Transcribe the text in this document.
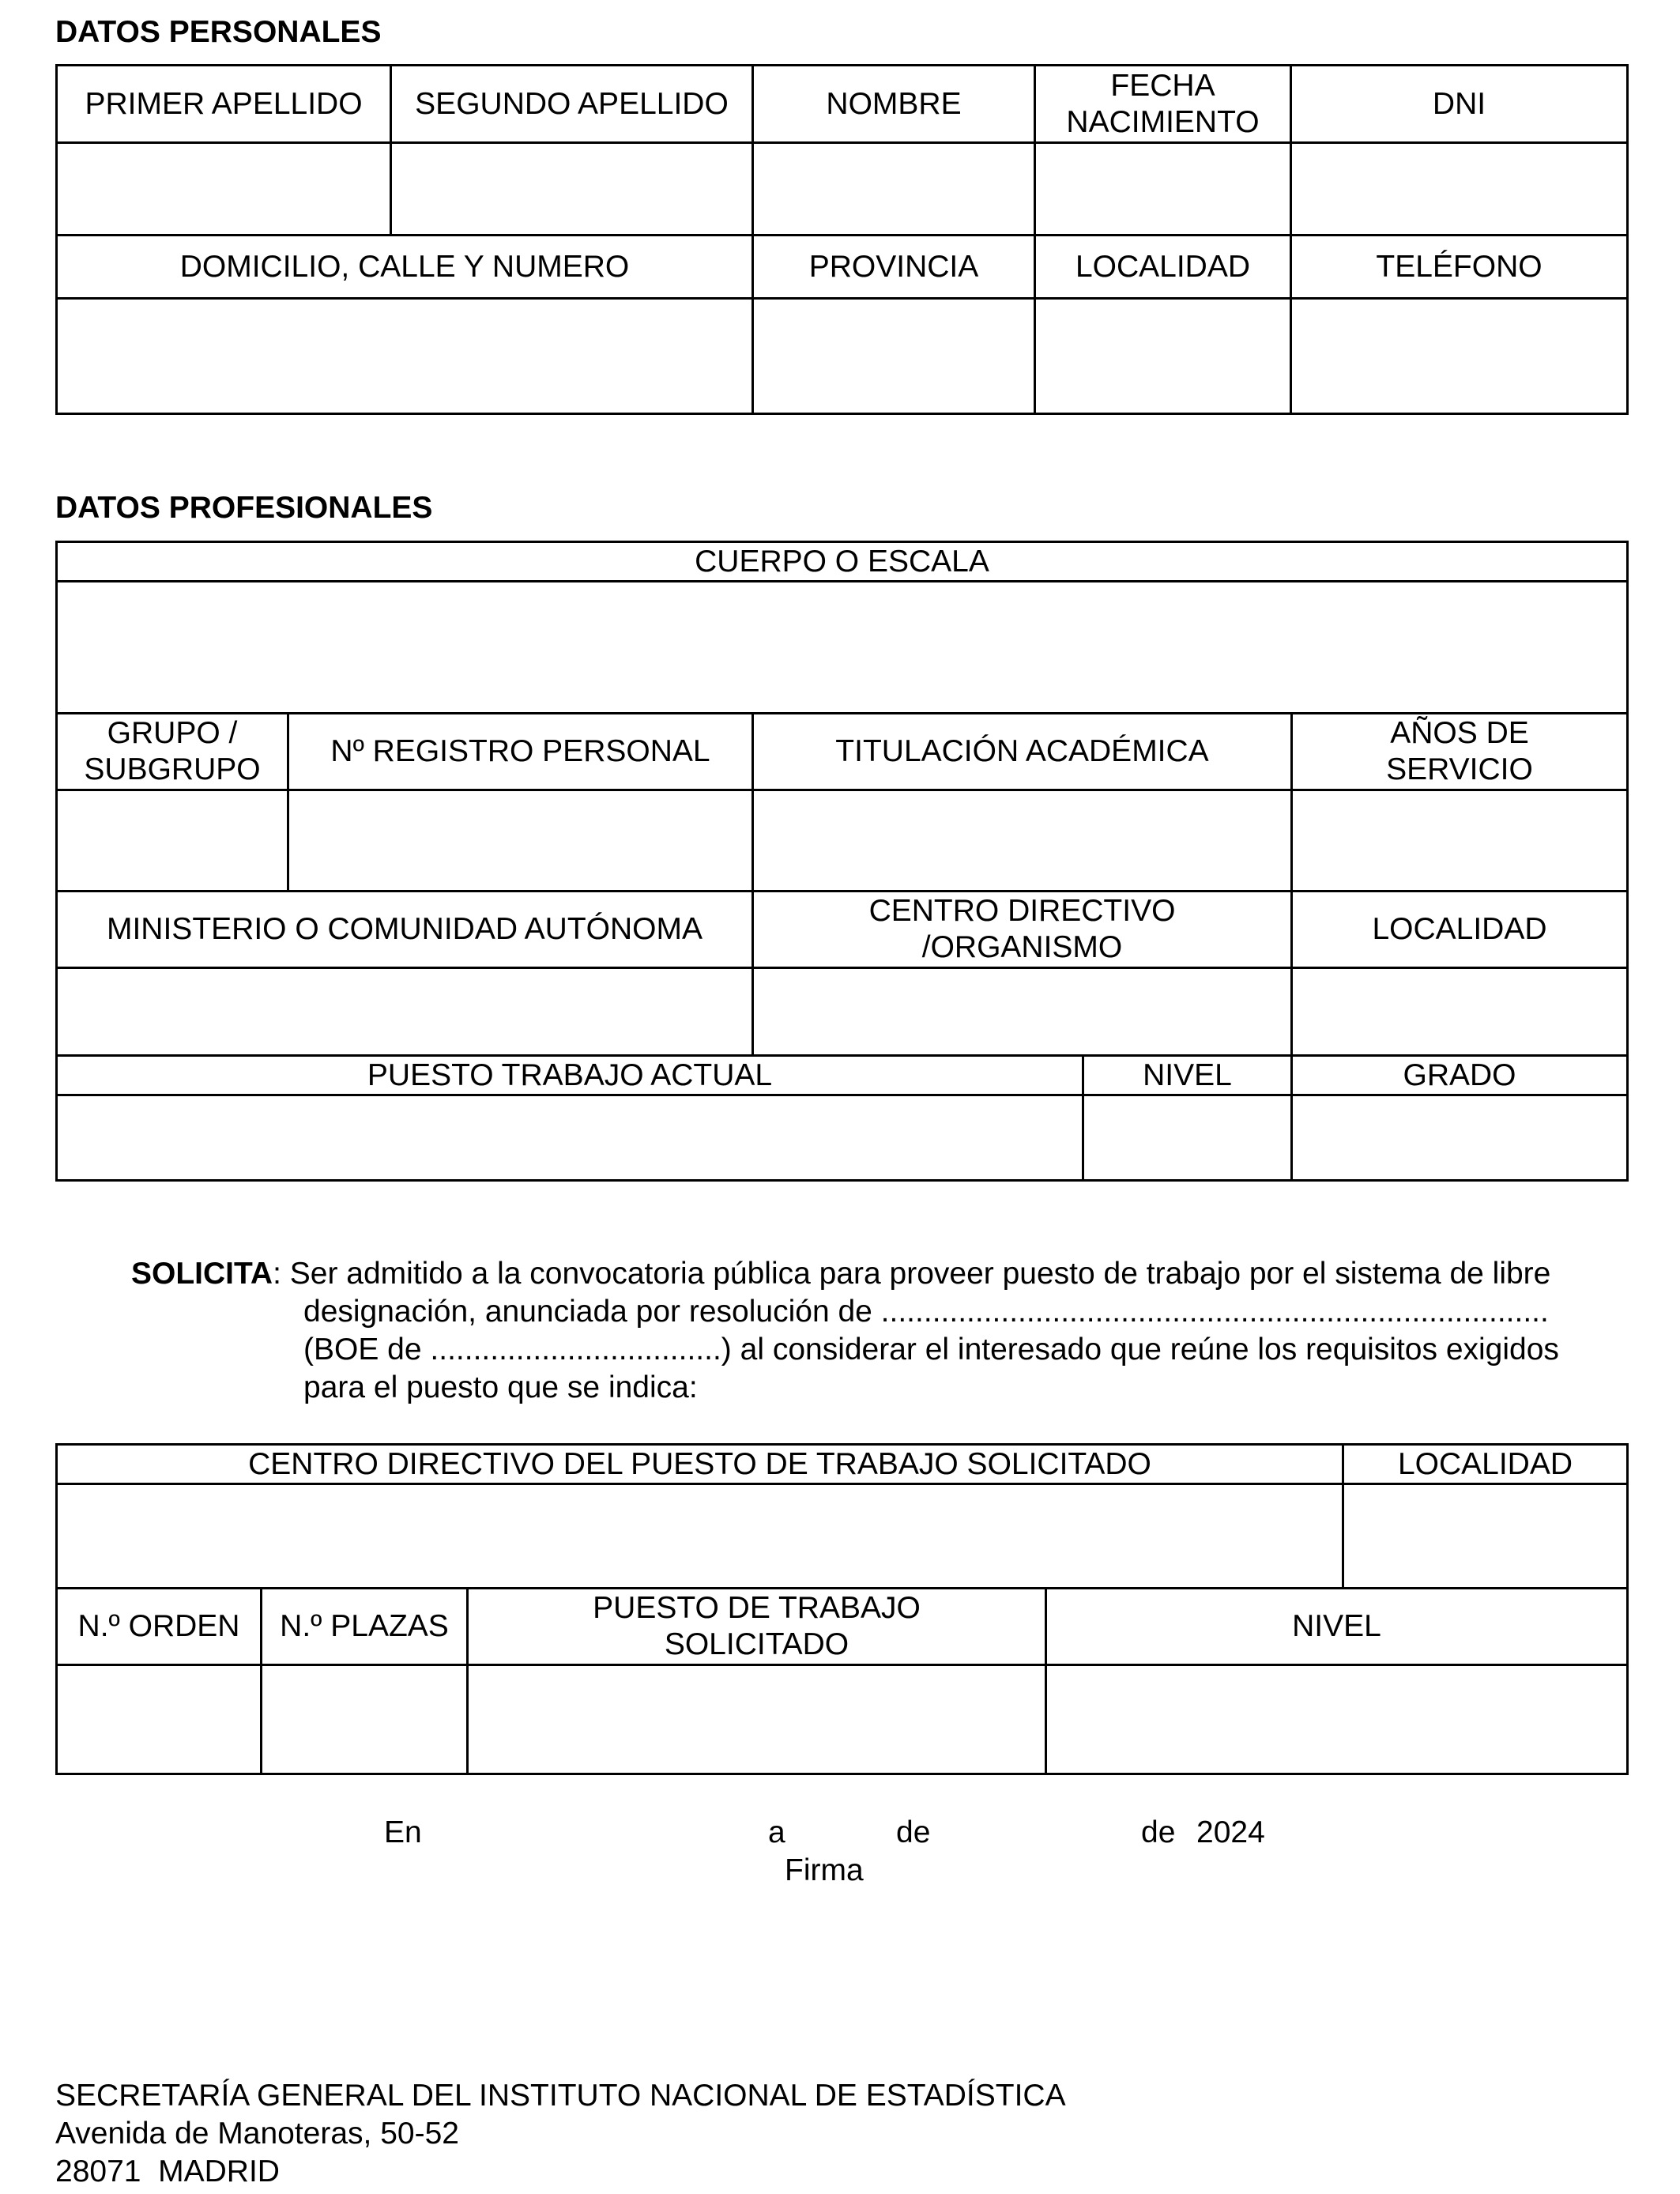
DATOS PERSONALES
PRIMER APELLIDO	SEGUNDO APELLIDO	NOMBRE	FECHA NACIMIENTO	DNI

DOMICILIO, CALLE Y NUMERO		PROVINCIA	LOCALIDAD	TELÉFONO

DATOS PROFESIONALES
CUERPO O ESCALA				

GRUPO / SUBGRUPO	Nº REGISTRO PERSONAL	TITULACIÓN ACADÉMICA		AÑOS DE SERVICIO

MINISTERIO O COMUNIDAD AUTÓNOMA		CENTRO DIRECTIVO /ORGANISMO		LOCALIDAD

PUESTO TRABAJO ACTUAL			NIVEL	GRADO

SOLICITA: Ser admitido a la convocatoria pública para proveer puesto de trabajo por el sistema de libre
designación, anunciada por resolución de ..............................................................................
(BOE de ..................................) al considerar el interesado que reúne los requisitos exigidos
para el puesto que se indica:
CENTRO DIRECTIVO DEL PUESTO DE TRABAJO SOLICITADO				LOCALIDAD

N.º ORDEN	N.º PLAZAS	PUESTO DE TRABAJO SOLICITADO	NIVEL	

En	a	de	de 2024
Firma
SECRETARÍA GENERAL DEL INSTITUTO NACIONAL DE ESTADÍSTICA
Avenida de Manoteras, 50-52
28071  MADRID
